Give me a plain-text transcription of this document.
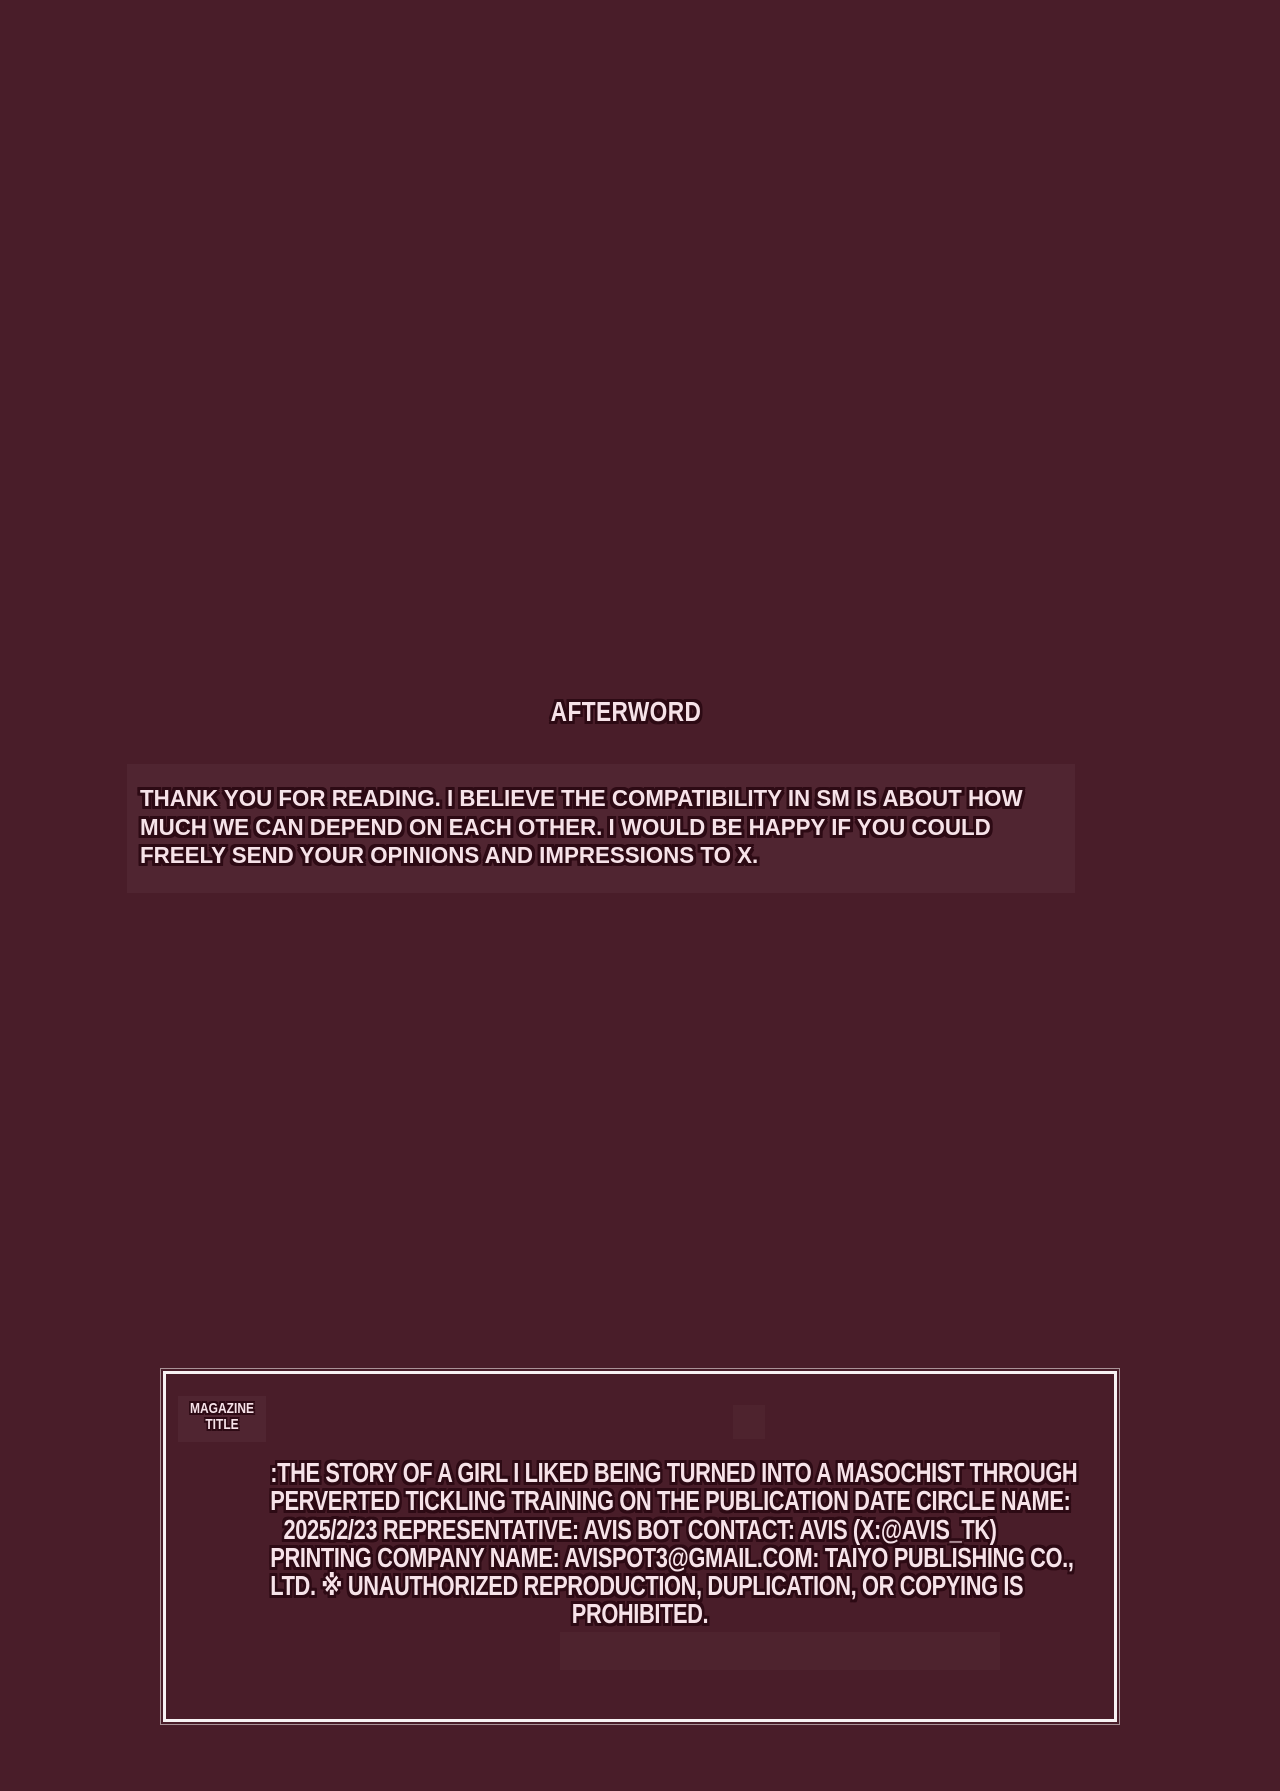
AFTERWORD
THANK YOU FOR READING. I BELIEVE THE COMPATIBILITY IN SM IS ABOUT HOW
MUCH WE CAN DEPEND ON EACH OTHER. I WOULD BE HAPPY IF YOU COULD
FREELY SEND YOUR OPINIONS AND IMPRESSIONS TO X.
MAGAZINE
TITLE
:THE STORY OF A GIRL I LIKED BEING TURNED INTO A MASOCHIST THROUGH
PERVERTED TICKLING TRAINING ON THE PUBLICATION DATE CIRCLE NAME:
2025/2/23 REPRESENTATIVE: AVIS BOT CONTACT: AVIS (X:@AVIS_TK)
PRINTING COMPANY NAME: AVISPOT3@GMAIL.COM: TAIYO PUBLISHING CO.,
LTD. ※ UNAUTHORIZED REPRODUCTION, DUPLICATION, OR COPYING IS
PROHIBITED.
